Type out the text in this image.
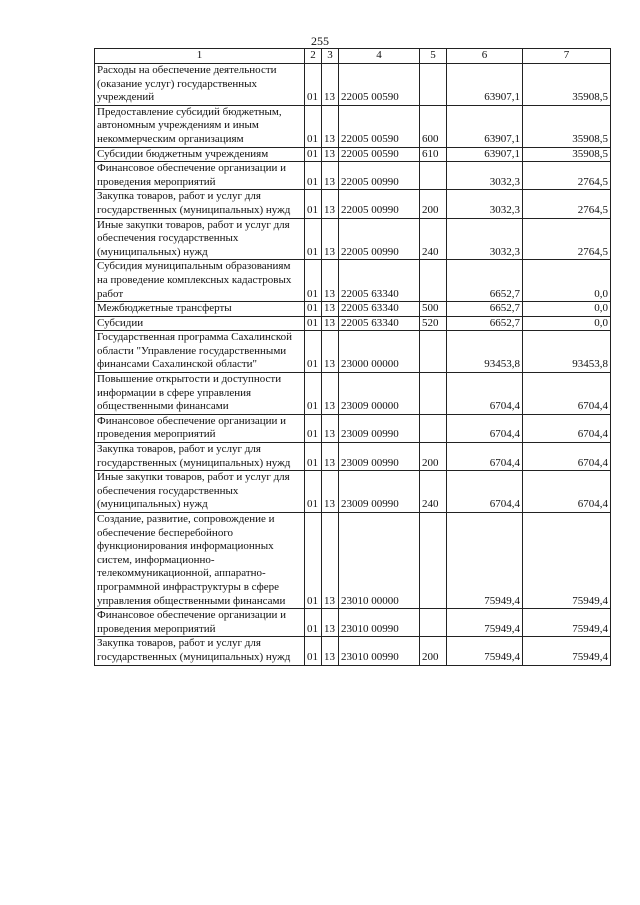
255
1	2	3	4	5	6	7
Расходы на обеспечение деятельности (оказание услуг) государственных учреждений	01	13	22005 00590		63907,1	35908,5
Предоставление субсидий бюджетным, автономным учреждениям и иным некоммерческим организациям	01	13	22005 00590	600	63907,1	35908,5
Субсидии бюджетным учреждениям	01	13	22005 00590	610	63907,1	35908,5
Финансовое обеспечение организации и проведения мероприятий	01	13	22005 00990		3032,3	2764,5
Закупка товаров, работ и услуг для государственных (муниципальных) нужд	01	13	22005 00990	200	3032,3	2764,5
Иные закупки товаров, работ и услуг для обеспечения государственных (муниципальных) нужд	01	13	22005 00990	240	3032,3	2764,5
Субсидия муниципальным образованиям на проведение комплексных кадастровых работ	01	13	22005 63340		6652,7	0,0
Межбюджетные трансферты	01	13	22005 63340	500	6652,7	0,0
Субсидии	01	13	22005 63340	520	6652,7	0,0
Государственная программа Сахалинской области "Управление государственными финансами Сахалинской области"	01	13	23000 00000		93453,8	93453,8
Повышение открытости и доступности информации в сфере управления общественными финансами	01	13	23009 00000		6704,4	6704,4
Финансовое обеспечение организации и проведения мероприятий	01	13	23009 00990		6704,4	6704,4
Закупка товаров, работ и услуг для государственных (муниципальных) нужд	01	13	23009 00990	200	6704,4	6704,4
Иные закупки товаров, работ и услуг для обеспечения государственных (муниципальных) нужд	01	13	23009 00990	240	6704,4	6704,4
Создание, развитие, сопровождение и обеспечение бесперебойного функционирования информационных систем, информационно-телекоммуникационной, аппаратно-программной инфраструктуры в сфере управления общественными финансами	01	13	23010 00000		75949,4	75949,4
Финансовое обеспечение организации и проведения мероприятий	01	13	23010 00990		75949,4	75949,4
Закупка товаров, работ и услуг для государственных (муниципальных) нужд	01	13	23010 00990	200	75949,4	75949,4
